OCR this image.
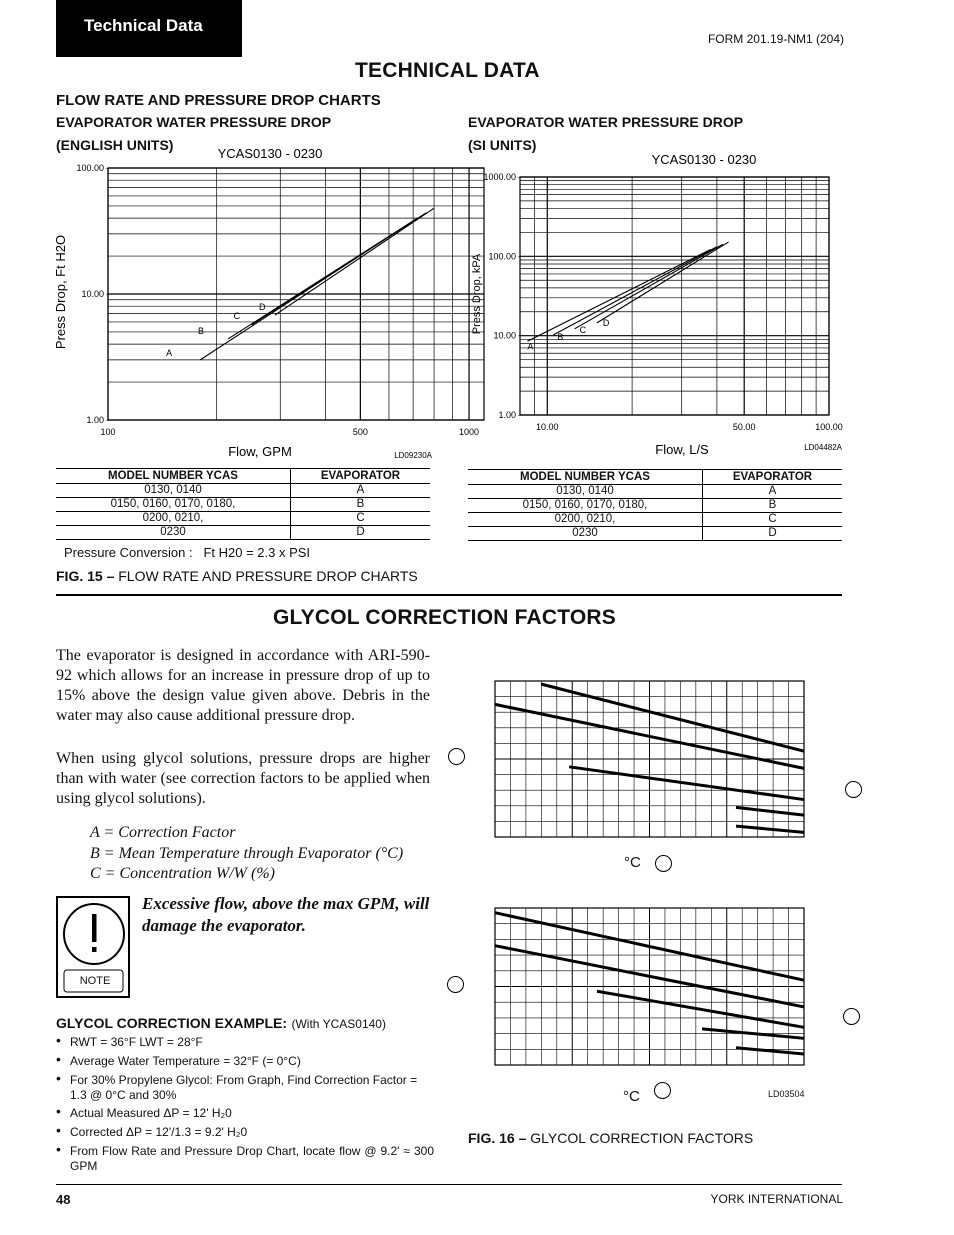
Technical Data
FORM 201.19-NM1 (204)
TECHNICAL DATA
FLOW RATE AND PRESSURE DROP CHARTS
EVAPORATOR WATER PRESSURE DROP
(ENGLISH UNITS)
EVAPORATOR WATER PRESSURE DROP
(SI UNITS)
1.00 -
10.00 -
100.00 -
100	500	1000
A
B
C
D
Flow, GPM
Press Drop, Ft H2O
YCAS0130 - 0230
LD09230A
1.00 -
10.00 -
100.00 -
1000.00 -
10.00	50.00	100.00
A
B
C
D
Flow, L/S
Press Drop, kPA
YCAS0130 - 0230
LD04482A
MODEL NUMBER YCAS	EVAPORATOR
0130, 0140	A
0150, 0160, 0170, 0180,	B
0200, 0210,	C
0230	D
MODEL NUMBER YCAS	EVAPORATOR
0130, 0140	A
0150, 0160, 0170, 0180,	B
0200, 0210,	C
0230	D
Pressure Conversion :   Ft H20 = 2.3 x PSI
FIG. 15 – FLOW RATE AND PRESSURE DROP CHARTS
GLYCOL CORRECTION FACTORS
The evaporator is designed in accordance with ARI-590-92 which allows for an increase in pressure drop of up to 15% above the design value given above. Debris in the water may also cause additional pressure drop.
When using glycol solutions, pressure drops are higher than with water (see correction factors to be applied when using glycol solutions).
A = Correction Factor
B = Mean Temperature through Evaporator (°C)
C = Concentration W/W (%)
NOTE
Excessive flow, above the max GPM, will damage the evaporator.
GLYCOL CORRECTION EXAMPLE: (With YCAS0140)
• RWT = 36°F LWT = 28°F
• Average Water Temperature = 32°F (= 0°C)
• For 30% Propylene Glycol: From Graph, Find Correction Factor = 1.3 @ 0°C and 30%
• Actual Measured ΔP = 12' H₂0
• Corrected ΔP = 12'/1.3 = 9.2' H₂0
• From Flow Rate and Pressure Drop Chart, locate flow @ 9.2' ≈ 300 GPM
°C
°C	LD03504
FIG. 16 – GLYCOL CORRECTION FACTORS
48	YORK INTERNATIONAL
